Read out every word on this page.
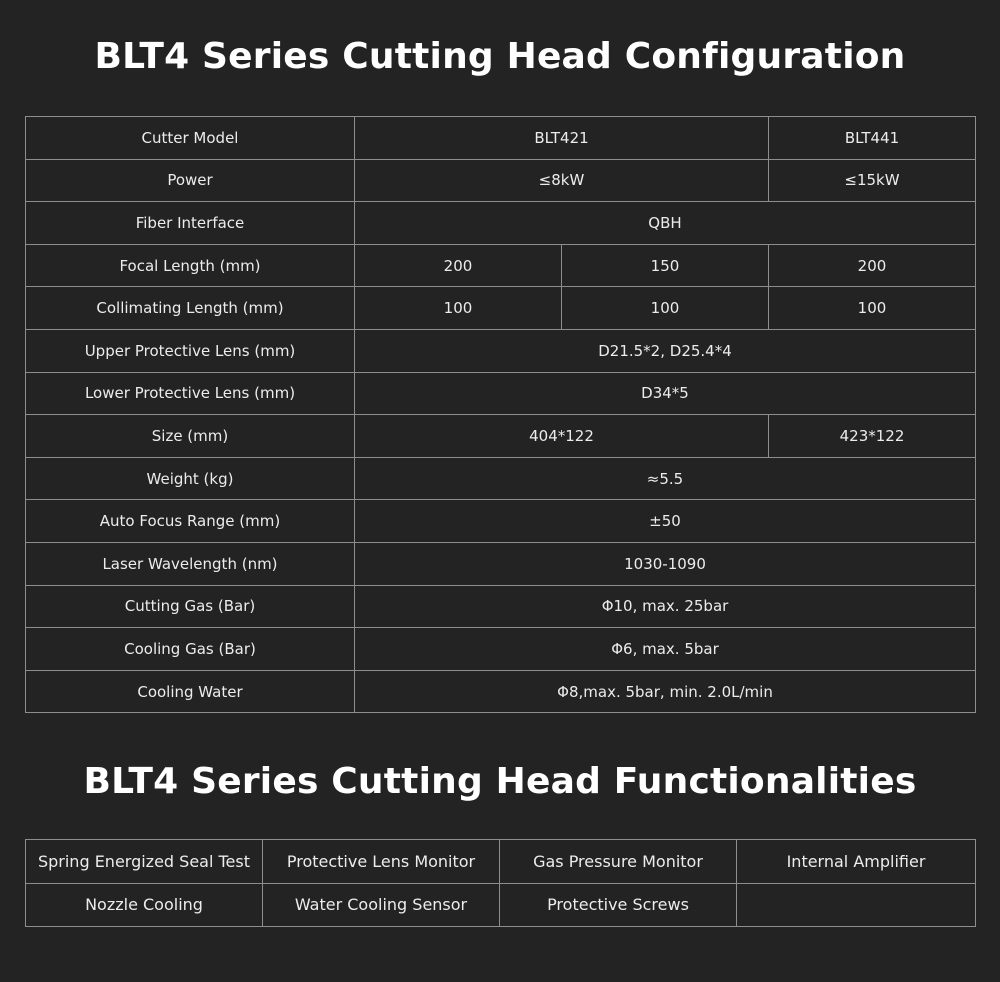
BLT4 Series Cutting Head Configuration
Cutter Model	BLT421		BLT441
Power	≤8kW		≤15kW
Fiber Interface	QBH		
Focal Length (mm)	200	150	200
Collimating Length (mm)	100	100	100
Upper Protective Lens (mm)	D21.5*2, D25.4*4		
Lower Protective Lens (mm)	D34*5		
Size (mm)	404*122		423*122
Weight (kg)	≈5.5		
Auto Focus Range (mm)	±50		
Laser Wavelength (nm)	1030-1090		
Cutting Gas (Bar)	Φ10, max. 25bar		
Cooling Gas (Bar)	Φ6, max. 5bar		
Cooling Water	Φ8,max. 5bar, min. 2.0L/min		
BLT4 Series Cutting Head Functionalities
Spring Energized Seal Test	Protective Lens Monitor	Gas Pressure Monitor	Internal Amplifier
Nozzle Cooling	Water Cooling Sensor	Protective Screws	
